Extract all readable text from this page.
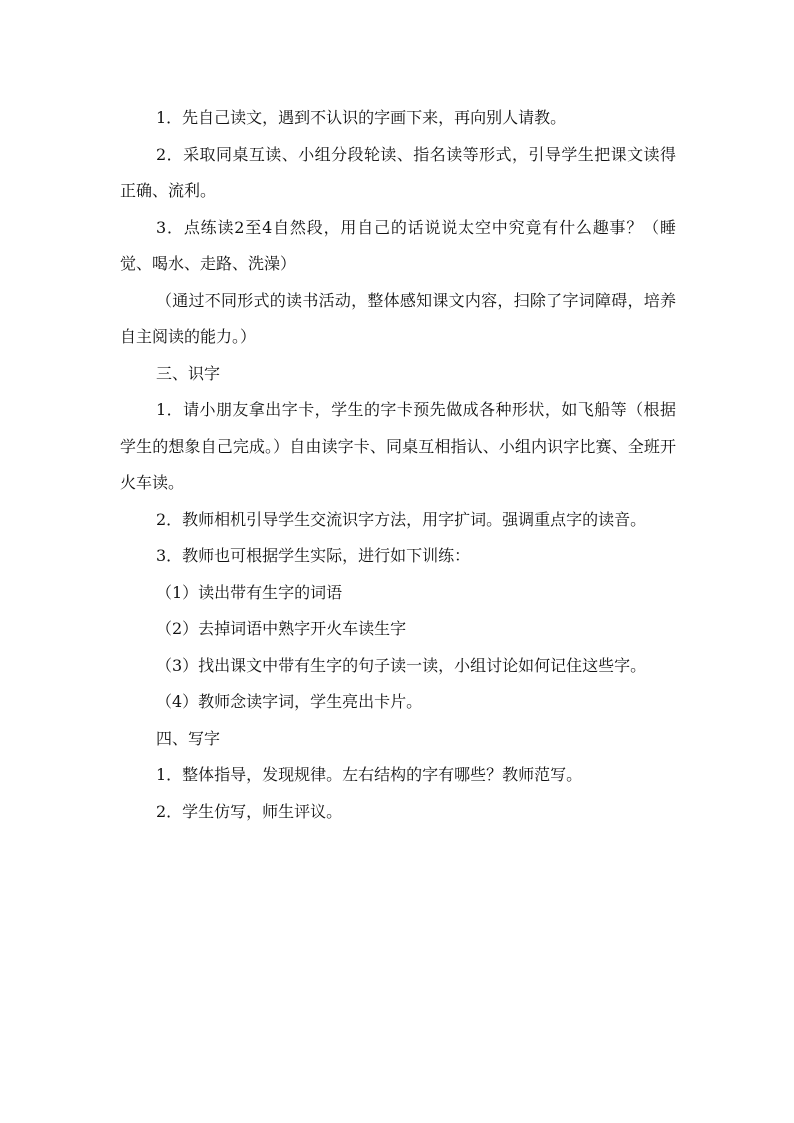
1．先自己读文，遇到不认识的字画下来，再向别人请教。

2．采取同桌互读、小组分段轮读、指名读等形式，引导学生把课文读得正确、流利。

3．点练读2至4自然段，用自己的话说说太空中究竟有什么趣事？（睡觉、喝水、走路、洗澡）

（通过不同形式的读书活动，整体感知课文内容，扫除了字词障碍，培养自主阅读的能力。）

三、识字

1．请小朋友拿出字卡，学生的字卡预先做成各种形状，如飞船等（根据学生的想象自己完成。）自由读字卡、同桌互相指认、小组内识字比赛、全班开火车读。

2．教师相机引导学生交流识字方法，用字扩词。强调重点字的读音。

3．教师也可根据学生实际，进行如下训练：

（1）读出带有生字的词语

（2）去掉词语中熟字开火车读生字

（3）找出课文中带有生字的句子读一读，小组讨论如何记住这些字。

（4）教师念读字词，学生亮出卡片。

四、写字

1．整体指导，发现规律。左右结构的字有哪些？教师范写。

2．学生仿写，师生评议。
